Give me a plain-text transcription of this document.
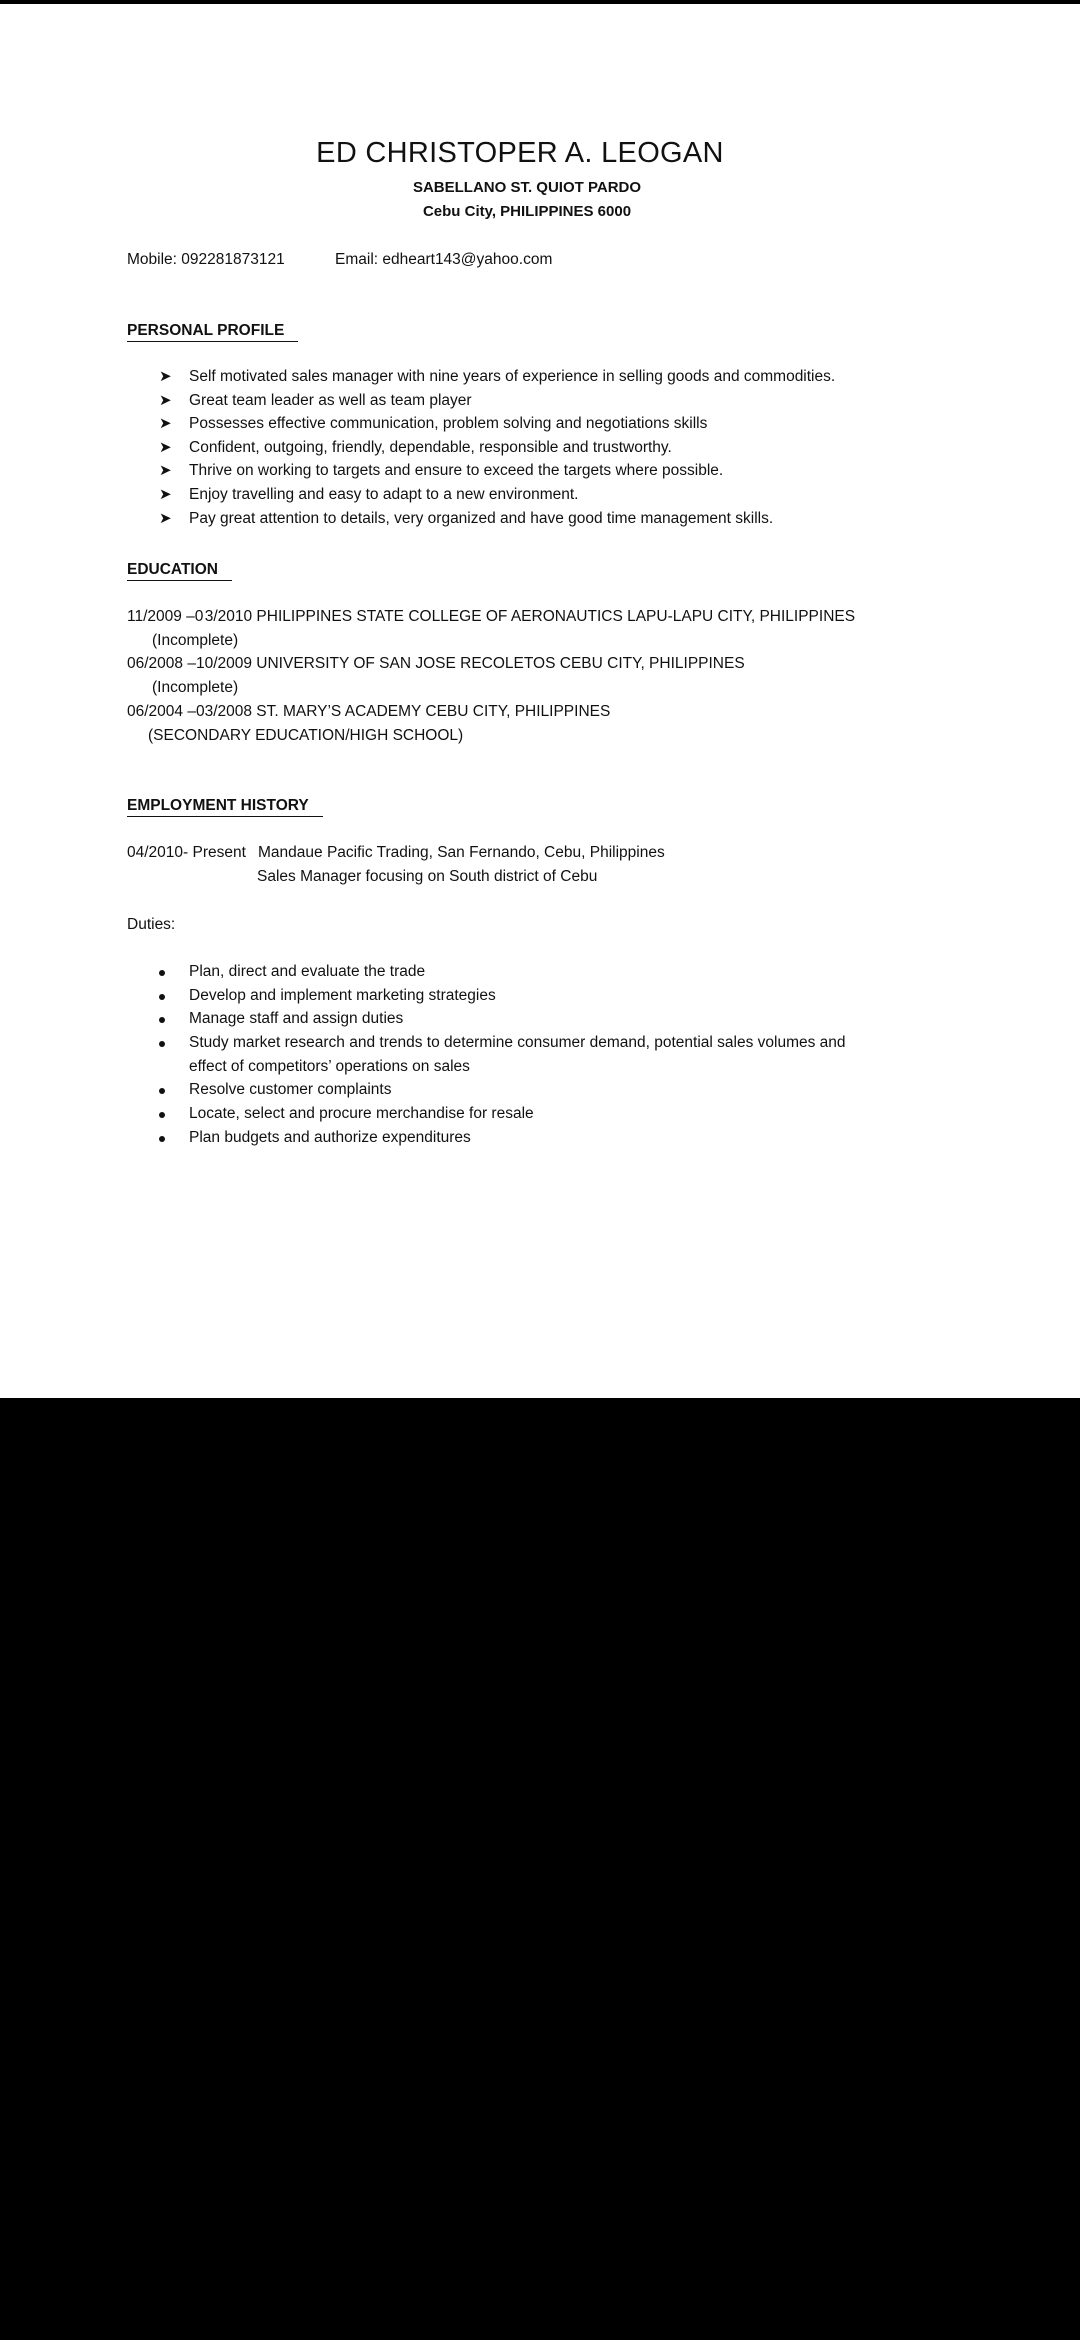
ED CHRISTOPER A. LEOGAN
SABELLANO ST. QUIOT PARDO
Cebu City, PHILIPPINES 6000
Mobile: 092281873121	Email: edheart143@yahoo.com
PERSONAL PROFILE
➤ Self motivated sales manager with nine years of experience in selling goods and commodities.
➤ Great team leader as well as team player
➤ Possesses effective communication, problem solving and negotiations skills
➤ Confident, outgoing, friendly, dependable, responsible and trustworthy.
➤ Thrive on working to targets and ensure to exceed the targets where possible.
➤ Enjoy travelling and easy to adapt to a new environment.
➤ Pay great attention to details, very organized and have good time management skills.
EDUCATION
11/2009 –0 3/2010 PHILIPPINES STATE COLLEGE OF AERONAUTICS LAPU-LAPU CITY, PHILIPPINES
(Incomplete)
06/2008 –10/2009 UNIVERSITY OF SAN JOSE RECOLETOS CEBU CITY, PHILIPPINES
(Incomplete)
06/2004 –03/2008 ST. MARY’S ACADEMY CEBU CITY, PHILIPPINES
(SECONDARY EDUCATION/HIGH SCHOOL)
EMPLOYMENT HISTORY
04/2010- Present Mandaue Pacific Trading, San Fernando, Cebu, Philippines
Sales Manager focusing on South district of Cebu
Duties:
Plan, direct and evaluate the trade
Develop and implement marketing strategies
Manage staff and assign duties
Study market research and trends to determine consumer demand, potential sales volumes and
effect of competitors’ operations on sales
Resolve customer complaints
Locate, select and procure merchandise for resale
Plan budgets and authorize expenditures
